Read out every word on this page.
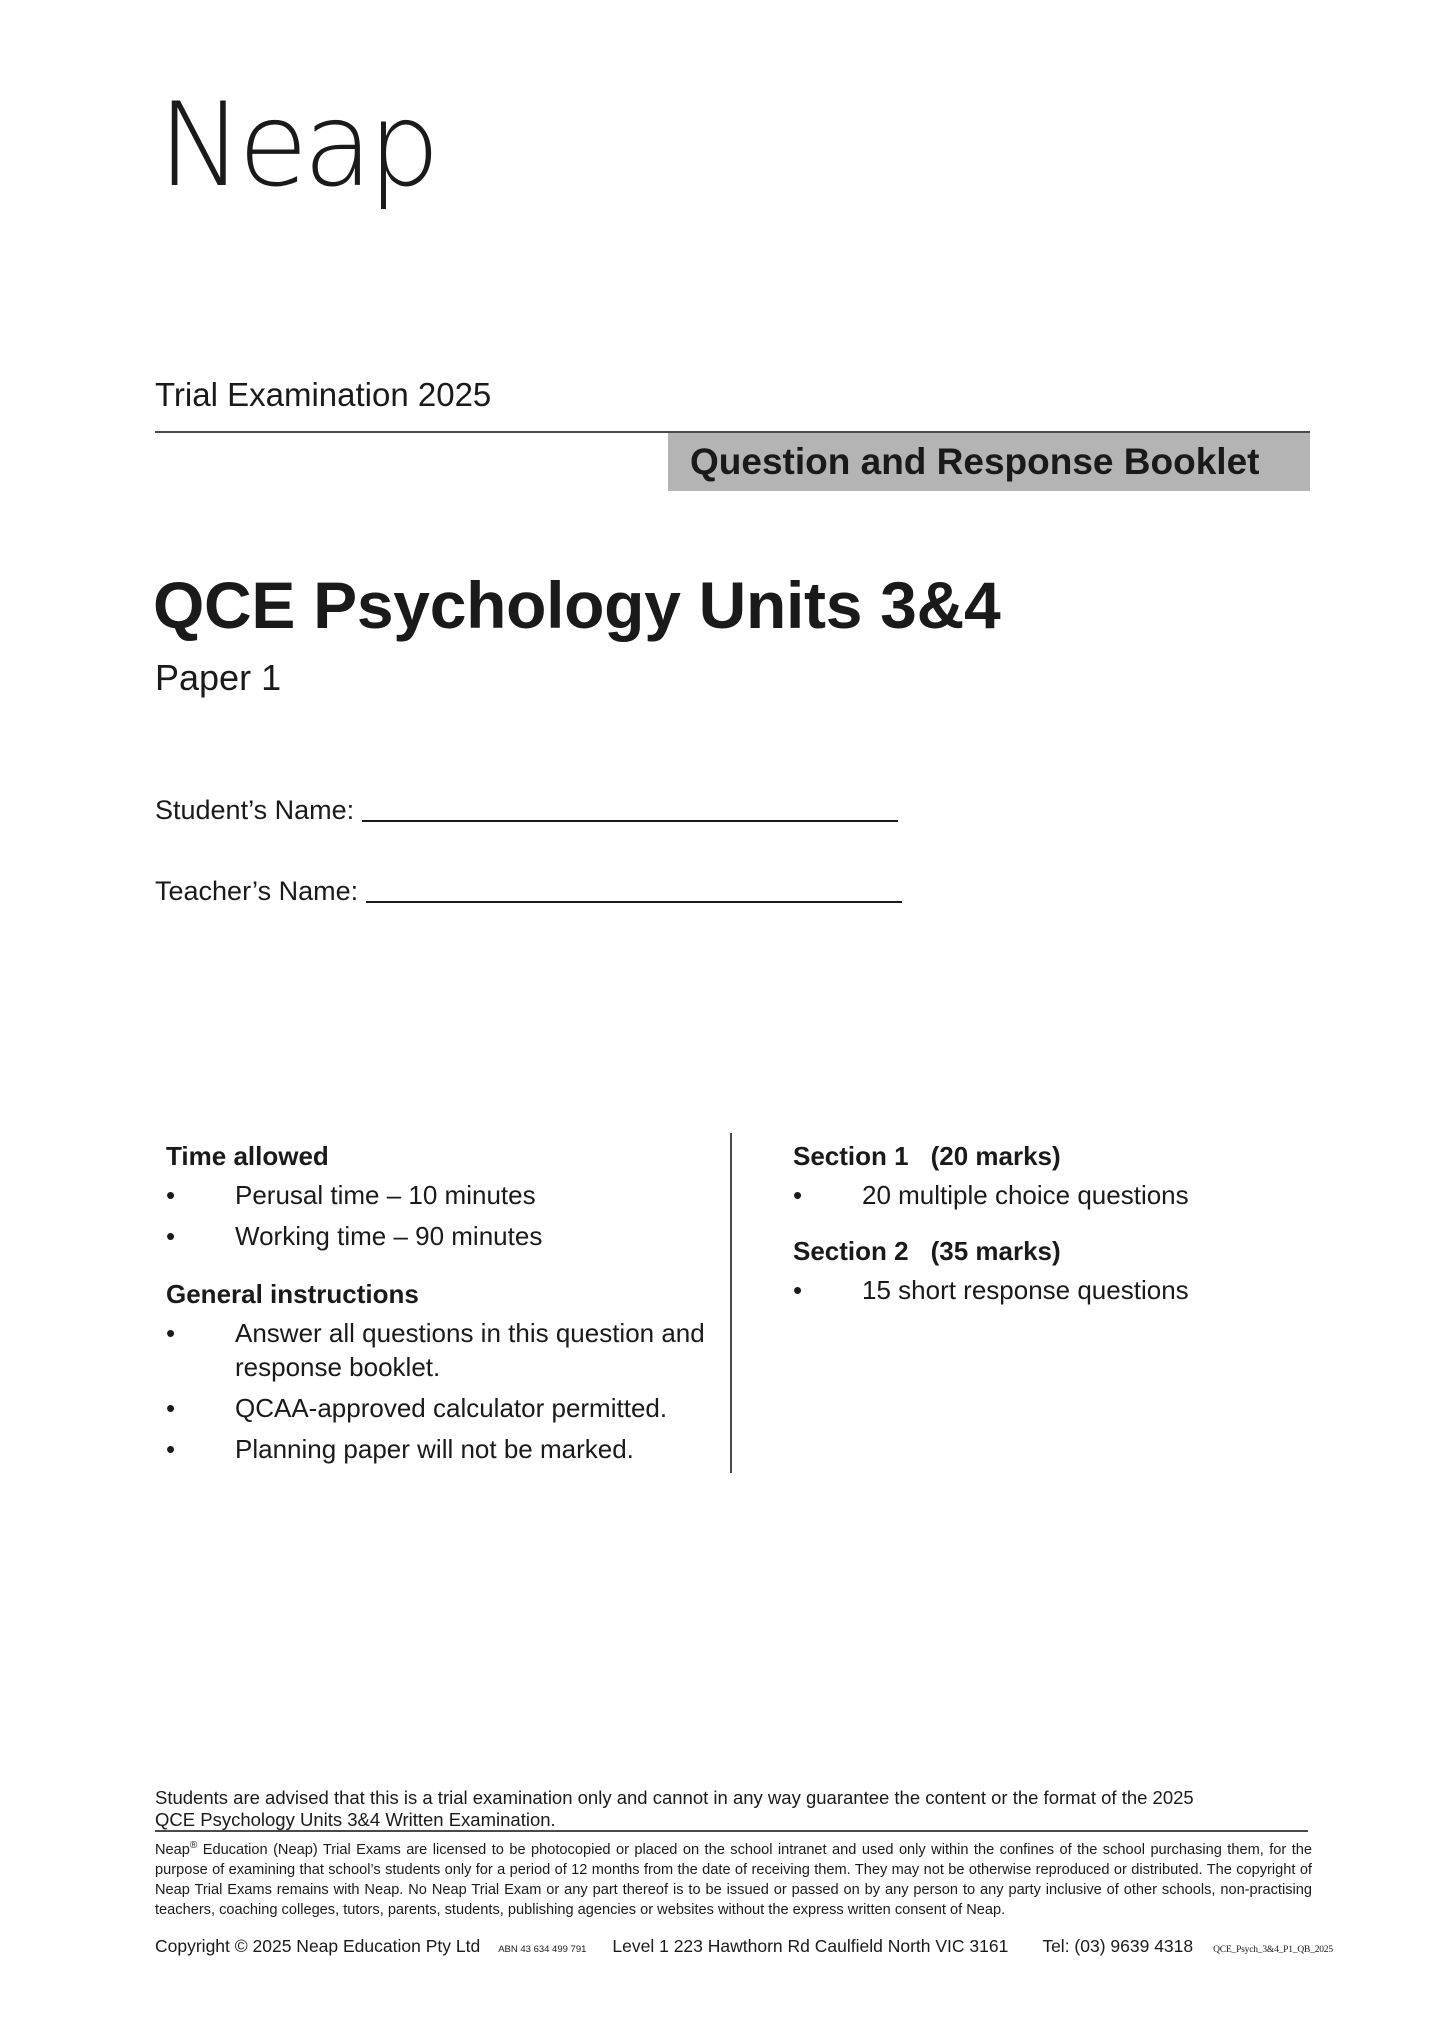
Neap
Trial Examination 2025
Question and Response Booklet
QCE Psychology Units 3&4
Paper 1
Student’s Name:
Teacher’s Name:
Time allowed
• Perusal time – 10 minutes
• Working time – 90 minutes
General instructions
• Answer all questions in this question and response booklet.
• QCAA-approved calculator permitted.
• Planning paper will not be marked.
Section 1 (20 marks)
• 20 multiple choice questions
Section 2 (35 marks)
• 15 short response questions
Students are advised that this is a trial examination only and cannot in any way guarantee the content or the format of the 2025
QCE Psychology Units 3&4 Written Examination.
Neap® Education (Neap) Trial Exams are licensed to be photocopied or placed on the school intranet and used only within the confines of the school purchasing them, for the purpose of examining that school’s students only for a period of 12 months from the date of receiving them. They may not be otherwise reproduced or distributed. The copyright of Neap Trial Exams remains with Neap. No Neap Trial Exam or any part thereof is to be issued or passed on by any person to any party inclusive of other schools, non-practising teachers, coaching colleges, tutors, parents, students, publishing agencies or websites without the express written consent of Neap.
Copyright © 2025 Neap Education Pty Ltd ABN 43 634 499 791 Level 1 223 Hawthorn Rd Caulfield North VIC 3161 Tel: (03) 9639 4318 QCE_Psych_3&4_P1_QB_2025
